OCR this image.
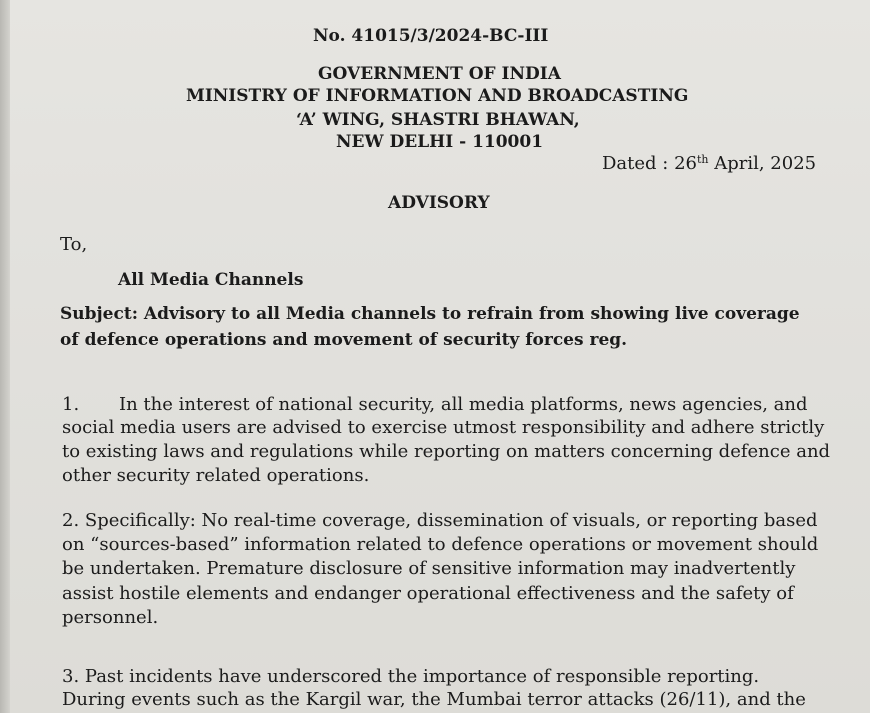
No. 41015/3/2024-BC-III
GOVERNMENT OF INDIA
MINISTRY OF INFORMATION AND BROADCASTING
‘A’ WING, SHASTRI BHAWAN,
NEW DELHI - 110001
Dated : 26th April, 2025
ADVISORY
To,
All Media Channels
Subject: Advisory to all Media channels to refrain from showing live coverage
of defence operations and movement of security forces reg.
1. In the interest of national security, all media platforms, news agencies, and
social media users are advised to exercise utmost responsibility and adhere strictly
to existing laws and regulations while reporting on matters concerning defence and
other security related operations.
2. Specifically: No real-time coverage, dissemination of visuals, or reporting based
on “sources-based” information related to defence operations or movement should
be undertaken. Premature disclosure of sensitive information may inadvertently
assist hostile elements and endanger operational effectiveness and the safety of
personnel.
3. Past incidents have underscored the importance of responsible reporting.
During events such as the Kargil war, the Mumbai terror attacks (26/11), and the
